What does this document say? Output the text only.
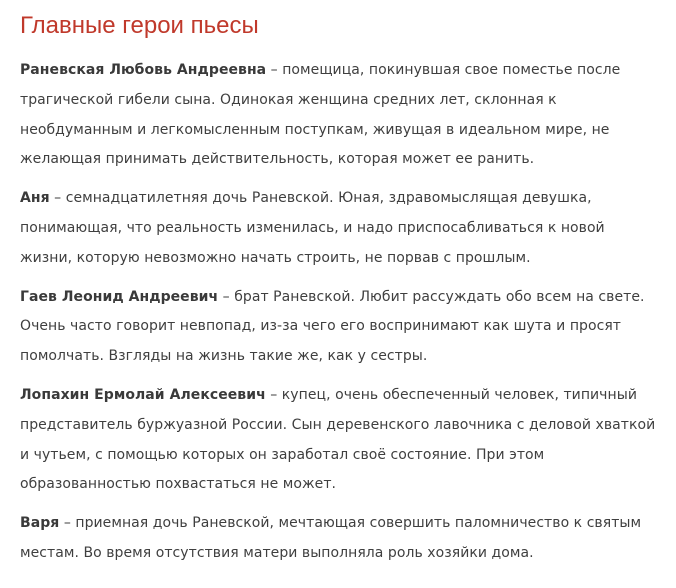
Главные герои пьесы

Раневская Любовь Андреевна – помещица, покинувшая свое поместье после трагической гибели сына. Одинокая женщина средних лет, склонная к необдуманным и легкомысленным поступкам, живущая в идеальном мире, не желающая принимать действительность, которая может ее ранить.

Аня – семнадцатилетняя дочь Раневской. Юная, здравомыслящая девушка, понимающая, что реальность изменилась, и надо приспосабливаться к новой жизни, которую невозможно начать строить, не порвав с прошлым.

Гаев Леонид Андреевич – брат Раневской. Любит рассуждать обо всем на свете. Очень часто говорит невпопад, из-за чего его воспринимают как шута и просят помолчать. Взгляды на жизнь такие же, как у сестры.

Лопахин Ермолай Алексеевич – купец, очень обеспеченный человек, типичный представитель буржуазной России. Сын деревенского лавочника с деловой хваткой и чутьем, с помощью которых он заработал своё состояние. При этом образованностью похвастаться не может.

Варя – приемная дочь Раневской, мечтающая совершить паломничество к святым местам. Во время отсутствия матери выполняла роль хозяйки дома.
